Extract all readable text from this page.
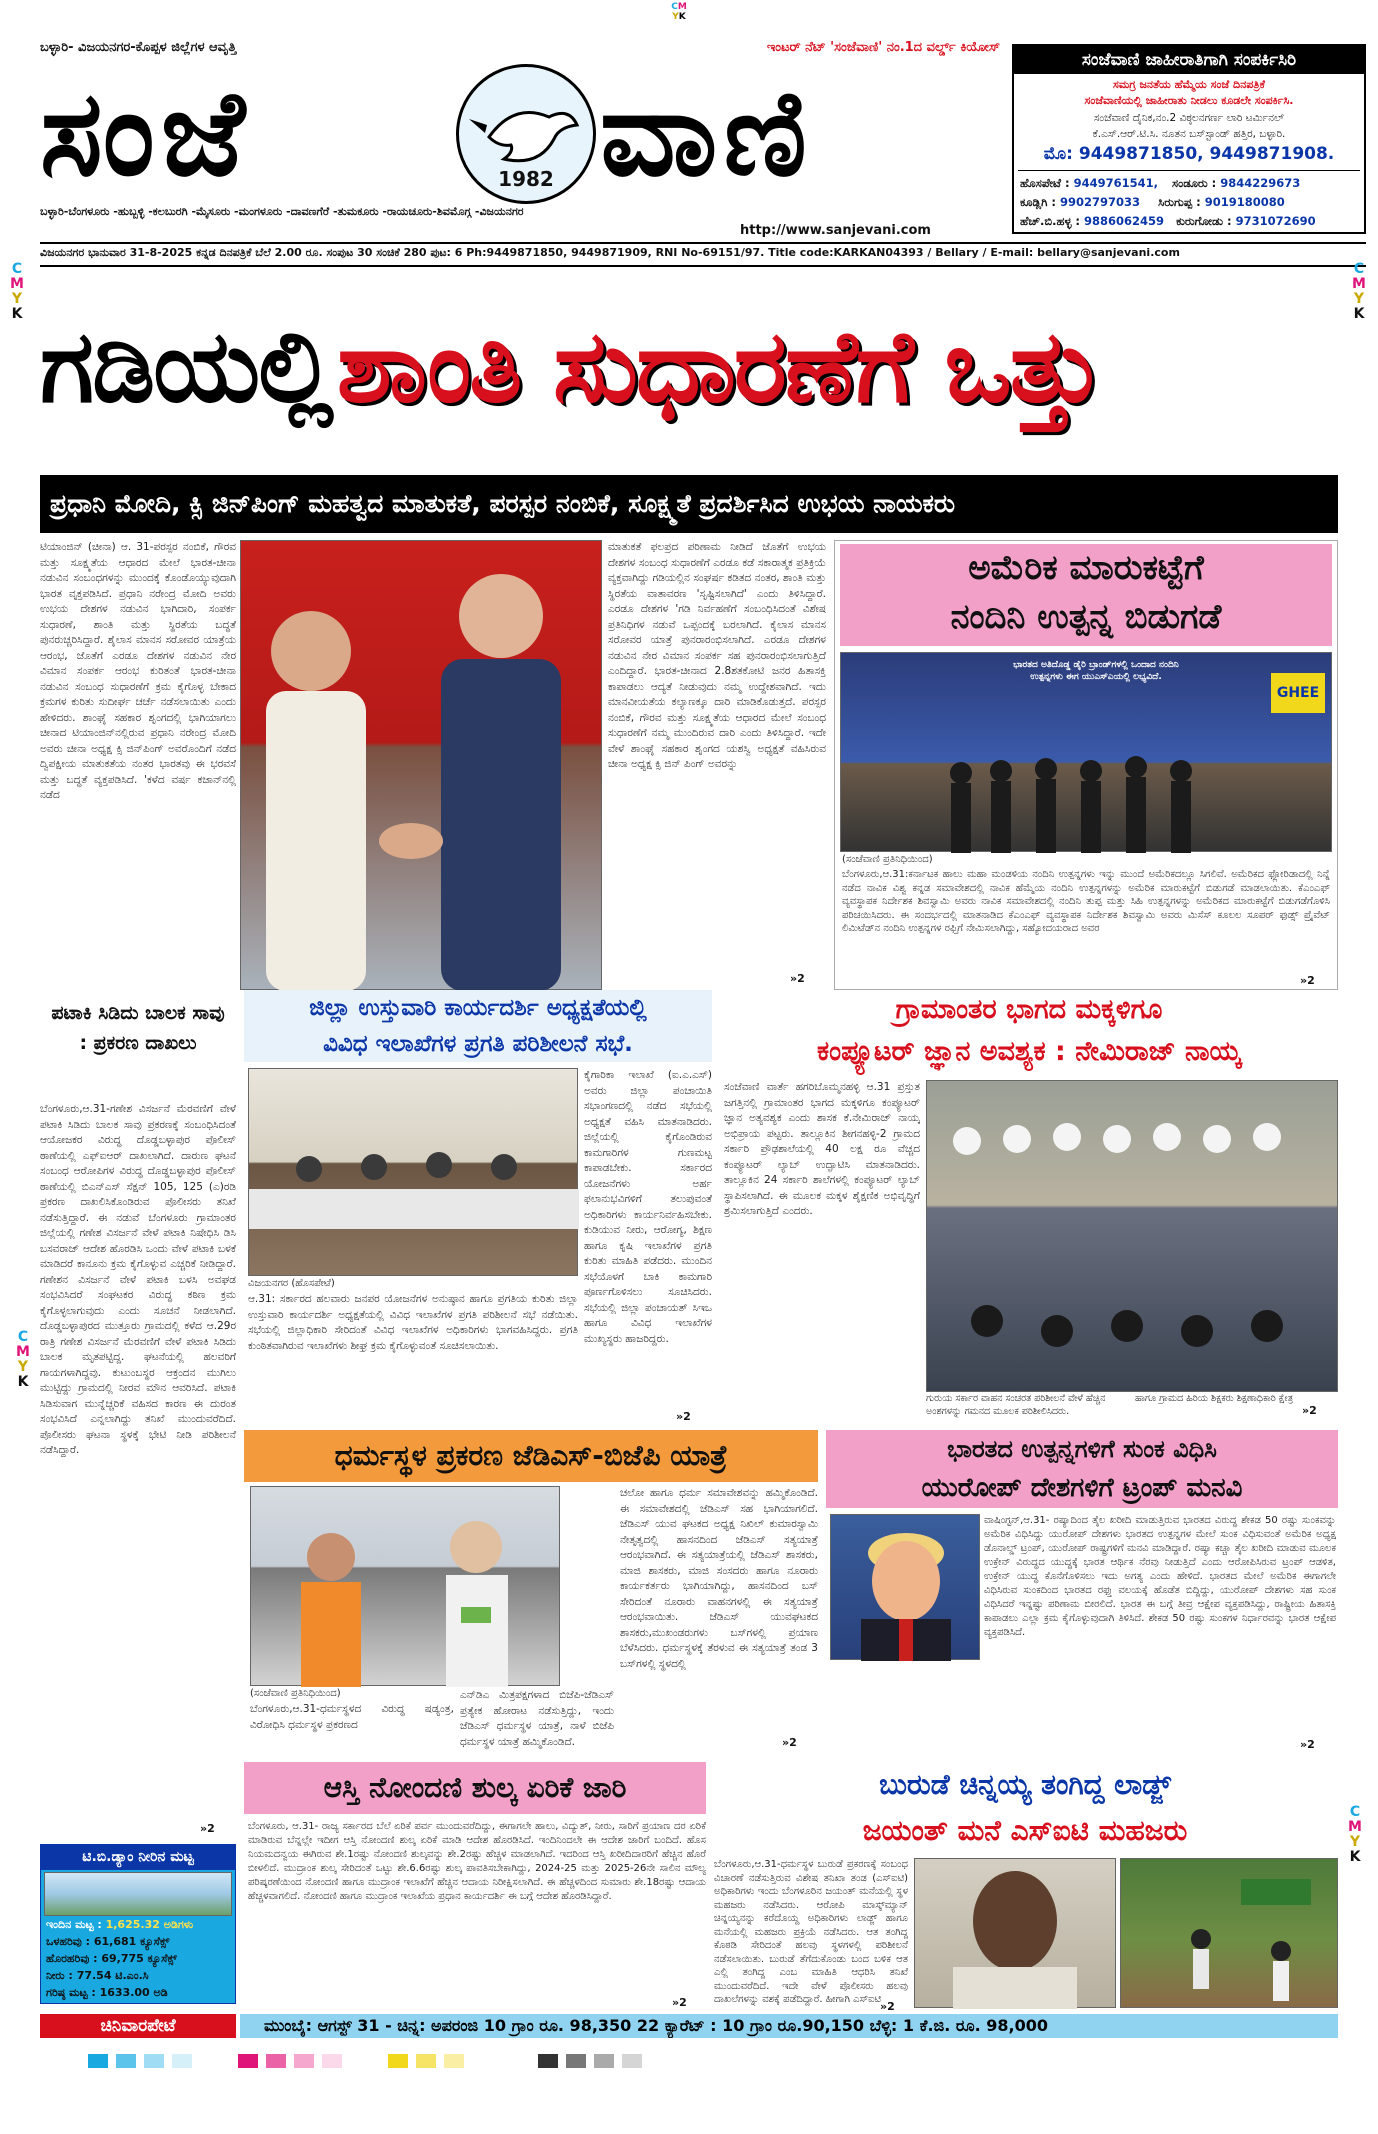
CM
YK
ಬಳ್ಳಾರಿ- ವಿಜಯನಗರ-ಕೊಪ್ಪಳ ಜಿಲ್ಲೆಗಳ ಆವೃತ್ತಿ	ಇಂಟರ್ ನೆಟ್ 'ಸಂಜೆವಾಣಿ' ನಂ.1ದ ವರ್ಲ್ಡ್ ಕಿಯೋಸ್
ಸಂಜೆ	1982 ವಾಣಿ
ಬಳ್ಳಾರಿ-ಬೆಂಗಳೂರು -ಹುಬ್ಬಳ್ಳಿ -ಕಲಬುರಗಿ -ಮೈಸೂರು -ಮಂಗಳೂರು -ದಾವಣಗೆರೆ -ತುಮಕೂರು -ರಾಯಚೂರು-ಶಿವಮೊಗ್ಗ -ವಿಜಯನಗರ
http://www.sanjevani.com
ಸಂಜೆವಾಣಿ ಜಾಹೀರಾತಿಗಾಗಿ ಸಂಪರ್ಕಿಸಿರಿ
ಸಮಗ್ರ ಜನತೆಯ ಹೆಮ್ಮೆಯ ಸಂಜೆ ದಿನಪತ್ರಿಕೆ
ಸಂಜೆವಾಣಿಯಲ್ಲಿ ಜಾಹೀರಾತು ನೀಡಲು ಕೂಡಲೇ ಸಂಪರ್ಕಿಸಿ.
ಸಂಜೆವಾಣಿ ದೈನಿಕ,ನಂ.2 ವಿಠ್ಠಲನಗರ್ಣ ಲಾರಿ ಟರ್ಮಿನಲ್
ಕೆ.ಎಸ್.ಆರ್.ಟಿ.ಸಿ. ನೂತನ ಬಸ್‌ಸ್ಟಾಂಡ್ ಹತ್ತಿರ, ಬಳ್ಳಾರಿ.
ಮೊ: 9449871850, 9449871908.
ಹೊಸಪೇಟೆ : 9449761541, ಸಂಡೂರು : 9844229673
ಕೂಡ್ಲಿಗಿ : 9902797033 ಸಿರುಗುಪ್ಪ : 9019180080
ಹೆಚ್.ಬಿ.ಹಳ್ಳ : 9886062459 ಕುರುಗೋಡು : 9731072690
ವಿಜಯನಗರ ಭಾನುವಾರ 31-8-2025 ಕನ್ನಡ ದಿನಪತ್ರಿಕೆ ಬೆಲೆ 2.00 ರೂ. ಸಂಪುಟ 30 ಸಂಚಿಕೆ 280 ಪುಟ: 6 Ph:9449871850, 9449871909, RNI No-69151/97. Title code:KARKAN04393 / Bellary / E-mail: bellary@sanjevani.com
C
M
Y
K
C
M
Y
K
C
M
Y
K
C
M
Y
K
ಗಡಿಯಲ್ಲಿ ಶಾಂತಿ ಸುಧಾರಣೆಗೆ ಒತ್ತು
ಪ್ರಧಾನಿ ಮೋದಿ, ಕ್ಸಿ ಜಿನ್‌ಪಿಂಗ್ ಮಹತ್ವದ ಮಾತುಕತೆ, ಪರಸ್ಪರ ನಂಬಿಕೆ, ಸೂಕ್ಷ್ಮತೆ ಪ್ರದರ್ಶಿಸಿದ ಉಭಯ ನಾಯಕರು
ಟಿಯಾಂಜಿನ್ (ಚೀನಾ) ಆ. 31-ಪರಸ್ಪರ ನಂಬಿಕೆ, ಗೌರವ ಮತ್ತು ಸೂಕ್ಷ್ಮತೆಯ ಆಧಾರದ ಮೇಲೆ ಭಾರತ-ಚೀನಾ ನಡುವಿನ ಸಂಬಂಧಗಳನ್ನು ಮುಂದಕ್ಕೆ ಕೊಂಡೊಯ್ಯುವುದಾಗಿ ಭಾರತ ವೃಕ್ತಪಡಿಸಿದೆ. ಪ್ರಧಾನಿ ನರೇಂದ್ರ ಮೋದಿ ಅವರು ಉಭಯ ದೇಶಗಳ ನಡುವಿನ ಭಾಗಿದಾರಿ, ಸಂಪರ್ಕ ಸುಧಾರಣೆ, ಶಾಂತಿ ಮತ್ತು ಸ್ಥಿರತೆಯ ಬದ್ಧತೆ ಪುನರುಚ್ಚರಿಸಿದ್ದಾರೆ. ಶೈಲಾಸ ಮಾನಸ ಸರೋವರ ಯಾತ್ರೆಯ ಆರಂಭ, ಜೊತೆಗೆ ಎರಡೂ ದೇಶಗಳ ನಡುವಿನ ನೇರ ವಿಮಾನ ಸಂಪರ್ಕ ಆರಂಭ ಕುರಿತಂತೆ ಭಾರತ-ಚೀನಾ ನಡುವಿನ ಸಂಬಂಧ ಸುಧಾರಣೆಗೆ ಕ್ರಮ ಕೈಗೊಳ್ಳ ಬೇಕಾದ ಕ್ರಮಗಳ ಕುರಿತು ಸುದೀರ್ಘ ಚರ್ಚೆ ನಡೆಸಲಾಯಿತು ಎಂದು ಹೇಳಿದರು. ಶಾಂಘೈ ಸಹಕಾರ ಶೃಂಗದಲ್ಲಿ ಭಾಗಿಯಾಗಲು ಚೀನಾದ ಟಿಯಾಂಜಿನ್‌ನಲ್ಲಿರುವ ಪ್ರಧಾನಿ ನರೇಂದ್ರ ಮೋದಿ ಅವರು ಚೀನಾ ಅಧ್ಯಕ್ಷ ಕ್ಸಿ ಜಿನ್‌ಪಿಂಗ್ ಅವರೊಂದಿಗೆ ನಡೆದ ದ್ವಿಪಕ್ಷೀಯ ಮಾತುಕತೆಯ ನಂತರ ಭಾರತವು ಈ ಭರವಸೆ ಮತ್ತು ಬದ್ಧತೆ ವ್ಯಕ್ತಪಡಿಸಿದೆ. 'ಕಳೆದ ವರ್ಷ ಕಜಾನ್‌ನಲ್ಲಿ ನಡೆದ
ಮಾತುಕತೆ ಫಲಪ್ರದ ಪರಿಣಾಮ ನೀಡಿದೆ ಜೊತೆಗೆ ಉಭಯ ದೇಶಗಳ ಸಂಬಂಧ ಸುಧಾರಣೆಗೆ ಎರಡೂ ಕಡೆ ಸಕಾರಾತ್ಮಕ ಪ್ರತಿಕ್ರಿಯೆ ವ್ಯಕ್ತವಾಗಿದ್ದು ಗಡಿಯಲ್ಲಿನ ಸಂಘರ್ಷ ಕಡಿತದ ನಂತರ, ಶಾಂತಿ ಮತ್ತು ಸ್ಥಿರತೆಯ ವಾತಾವರಣ 'ಸೃಷ್ಟಿಸಲಾಗಿದೆ' ಎಂದು ತಿಳಿಸಿದ್ದಾರೆ. ಎರಡೂ ದೇಶಗಳ 'ಗಡಿ ನಿರ್ವಹಣೆಗೆ ಸಂಬಂಧಿಸಿದಂತೆ ವಿಶೇಷ ಪ್ರತಿನಿಧಿಗಳ ನಡುವೆ ಒಪ್ಪಂದಕ್ಕೆ ಬರಲಾಗಿದೆ. ಕೈಲಾಸ ಮಾನಸ ಸರೋವರ ಯಾತ್ರೆ ಪುನರಾರಂಭಿಸಲಾಗಿದೆ. ಎರಡೂ ದೇಶಗಳ ನಡುವಿನ ನೇರ ವಿಮಾನ ಸಂಪರ್ಕ ಸಹ ಪುನರಾರಂಭಿಸಲಾಗುತ್ತಿದೆ ಎಂದಿದ್ದಾರೆ. ಭಾರತ-ಚೀನಾದ 2.8ಶತಕೋಟಿ ಜನರ ಹಿತಾಸಕ್ತಿ ಕಾಪಾಡಲು ಆದ್ಯತೆ ನೀಡುವುದು ನಮ್ಮ ಉದ್ದೇಶವಾಗಿದೆ. ಇದು ಮಾನವೀಯತೆಯ ಕಲ್ಯಾಣಕ್ಕೂ ದಾರಿ ಮಾಡಿಕೊಡುತ್ತದೆ. ಪರಸ್ಪರ ನಂಬಿಕೆ, ಗೌರವ ಮತ್ತು ಸೂಕ್ಷ್ಮತೆಯ ಆಧಾರದ ಮೇಲೆ ಸಂಬಂಧ ಸುಧಾರಣೆಗೆ ನಮ್ಮ ಮುಂದಿರುವ ದಾರಿ ಎಂದು ತಿಳಿಸಿದ್ದಾರೆ. ಇದೇ ವೇಳೆ ಶಾಂಘೈ ಸಹಕಾರ ಶೃಂಗದ ಯಶಸ್ವಿ ಅಧ್ಯಕ್ಷತೆ ವಹಿಸಿರುವ ಚೀನಾ ಅಧ್ಯಕ್ಷ ಕ್ಸಿ ಜಿನ್ ಪಿಂಗ್ ಅವರನ್ನು
»2
ಅಮೆರಿಕ ಮಾರುಕಟ್ಟೆಗೆ
ನಂದಿನಿ ಉತ್ಪನ್ನ ಬಿಡುಗಡೆ
ಭಾರತದ ಅತಿದೊಡ್ಡ ಡೈರಿ ಬ್ರಾಂಡ್‌ಗಳಲ್ಲಿ ಒಂದಾದ ನಂದಿನಿ ಉತ್ಪನ್ನಗಳು ಈಗ ಯುಎಸ್‌ಎಯಲ್ಲಿ ಲಭ್ಯವಿದೆ.
GHEE
(ಸಂಜೆವಾಣಿ ಪ್ರತಿನಿಧಿಯಿಂದ)
ಬೆಂಗಳೂರು,ಆ.31:ಕರ್ನಾಟಕ ಹಾಲು ಮಹಾ ಮಂಡಳಿಯ ನಂದಿನಿ ಉತ್ಪನ್ನಗಳು ಇನ್ನು ಮುಂದೆ ಅಮೆರಿಕದಲ್ಲೂ ಸಿಗಲಿವೆ. ಅಮೆರಿಕದ ಫ್ಲೋರಿಡಾದಲ್ಲಿ ನಿನ್ನೆ ನಡೆದ ನಾವಿಕ ವಿಶ್ವ ಕನ್ನಡ ಸಮಾವೇಶದಲ್ಲಿ ನಾವಿಕ ಹೆಮ್ಮೆಯ ನಂದಿನಿ ಉತ್ಪನ್ನಗಳನ್ನು ಅಮೆರಿಕ ಮಾರುಕಟ್ಟೆಗೆ ಬಿಡುಗಡೆ ಮಾಡಲಾಯಿತು. ಕೆಎಂಎಫ್ ವ್ಯವಸ್ಥಾಪಕ ನಿರ್ದೇಶಕ ಶಿವಸ್ವಾಮಿ ಅವರು ನಾವಿಕ ಸಮಾವೇಶದಲ್ಲಿ ನಂದಿನಿ ತುಪ್ಪ ಮತ್ತು ಸಿಹಿ ಉತ್ಪನ್ನಗಳನ್ನು ಅಮೆರಿಕದ ಮಾರುಕಟ್ಟೆಗೆ ಬಿಡುಗಡೆಗೊಳಿಸಿ ಪರಿಚಯಿಸಿದರು. ಈ ಸಂದರ್ಭದಲ್ಲಿ ಮಾತನಾಡಿದ ಕೆಎಂಎಫ್ ವ್ಯವಸ್ಥಾಪಕ ನಿರ್ದೇಶಕ ಶಿವಸ್ವಾಮಿ ಅವರು ಮಿಸೆಸ್ ಕೂಲಲ ಸೂಪರ್ ಫುಡ್ಸ್ ಪ್ರೈವೆಟ್ ಲಿಮಿಟೆಡ್‌ನ ನಂದಿನಿ ಉತ್ಪನ್ನಗಳ ರಫ್ತಿಗೆ ನೇಮಿಸಲಾಗಿದ್ದು, ಸಹ್ಯೋದಯರಾದ ಅವರ
»2
ಪಟಾಕಿ ಸಿಡಿದು ಬಾಲಕ ಸಾವು : ಪ್ರಕರಣ ದಾಖಲು
ಬೆಂಗಳೂರು,ಆ.31-ಗಣೇಶ ವಿಸರ್ಜನೆ ಮೆರವಣಿಗೆ ವೇಳೆ ಪಟಾಕಿ ಸಿಡಿದು ಬಾಲಕ ಸಾವು ಪ್ರಕರಣಕ್ಕೆ ಸಂಬಂಧಿಸಿದಂತೆ ಆಯೋಜಕರ ವಿರುದ್ಧ ದೊಡ್ಡಬಳ್ಳಾಪುರ ಪೊಲೀಸ್ ಠಾಣೆಯಲ್ಲಿ ಎಫ್ಐಆರ್ ದಾಖಲಾಗಿದೆ. ದಾರುಣ ಘಟನೆ ಸಂಬಂಧ ಆರೋಪಿಗಳ ವಿರುದ್ಧ ದೊಡ್ಡಬಳ್ಳಾಪುರ ಪೊಲೀಸ್ ಠಾಣೆಯಲ್ಲಿ ಬಿಎನ್ಎಸ್ ಸೆಕ್ಷನ್ 105, 125 (ಎ)ರಡಿ ಪ್ರಕರಣ ದಾಖಲಿಸಿಕೊಂಡಿರುವ ಪೊಲೀಸರು ತನಿಖೆ ನಡೆಸುತ್ತಿದ್ದಾರೆ. ಈ ನಡುವೆ ಬೆಂಗಳೂರು ಗ್ರಾಮಾಂತರ ಜಿಲ್ಲೆಯಲ್ಲಿ ಗಣೇಶ ವಿಸರ್ಜನೆ ವೇಳೆ ಪಟಾಕಿ ನಿಷೇಧಿಸಿ ಡಿಸಿ ಬಸವರಾಜ್ ಆದೇಶ ಹೊರಡಿಸಿ ಒಂದು ವೇಳೆ ಪಟಾಕಿ ಬಳಕೆ ಮಾಡಿದರೆ ಕಾನೂನು ಕ್ರಮ ಕೈಗೊಳ್ಳುವ ಎಚ್ಚರಿಕೆ ನೀಡಿದ್ದಾರೆ. ಗಣೇಶನ ವಿಸರ್ಜನೆ ವೇಳೆ ಪಟಾಕಿ ಬಳಸಿ ಅವಘಡ ಸಂಭವಿಸಿದರೆ ಸಂಘಟಕರ ವಿರುದ್ಧ ಕಠಿಣ ಕ್ರಮ ಕೈಗೊಳ್ಳಲಾಗುವುದು ಎಂದು ಸೂಚನೆ ನೀಡಲಾಗಿದೆ. ದೊಡ್ಡಬಳ್ಳಾಪುರದ ಮುತ್ತೂರು ಗ್ರಾಮದಲ್ಲಿ ಕಳೆದ ಆ.29ರ ರಾತ್ರಿ ಗಣೇಶ ವಿಸರ್ಜನೆ ಮೆರವಣಿಗೆ ವೇಳೆ ಪಟಾಕಿ ಸಿಡಿದು ಬಾಲಕ ಮೃತಪಟ್ಟಿದ್ದ. ಘಟನೆಯಲ್ಲಿ ಹಲವರಿಗೆ ಗಾಯಗಳಾಗಿದ್ದವು. ಕುಟುಂಬಸ್ಥರ ಆಕ್ರಂದನ ಮುಗಿಲು ಮುಟ್ಟಿದ್ದು ಗ್ರಾಮದಲ್ಲಿ ನೀರವ ಮೌನ ಆವರಿಸಿದೆ. ಪಟಾಕಿ ಸಿಡಿಸುವಾಗ ಮುನ್ನೆಚ್ಚರಿಕೆ ವಹಿಸದ ಕಾರಣ ಈ ದುರಂತ ಸಂಭವಿಸಿದೆ ಎನ್ನಲಾಗಿದ್ದು ತನಿಖೆ ಮುಂದುವರೆದಿದೆ. ಪೊಲೀಸರು ಘಟನಾ ಸ್ಥಳಕ್ಕೆ ಭೇಟಿ ನೀಡಿ ಪರಿಶೀಲನೆ ನಡೆಸಿದ್ದಾರೆ.
»2
ಜಿಲ್ಲಾ ಉಸ್ತುವಾರಿ ಕಾರ್ಯದರ್ಶಿ ಅಧ್ಯಕ್ಷತೆಯಲ್ಲಿ
ವಿವಿಧ ಇಲಾಖೆಗಳ ಪ್ರಗತಿ ಪರಿಶೀಲನೆ ಸಭೆ.
ವಿಜಯನಗರ (ಹೊಸಪೇಟೆ)
ಆ.31: ಸರ್ಕಾರದ ಹಲವಾರು ಜನಪರ ಯೋಜನೆಗಳ ಅನುಷ್ಠಾನ ಹಾಗೂ ಪ್ರಗತಿಯ ಕುರಿತು ಜಿಲ್ಲಾ ಉಸ್ತುವಾರಿ ಕಾರ್ಯದರ್ಶಿ ಅಧ್ಯಕ್ಷತೆಯಲ್ಲಿ ವಿವಿಧ ಇಲಾಖೆಗಳ ಪ್ರಗತಿ ಪರಿಶೀಲನೆ ಸಭೆ ನಡೆಯಿತು. ಸಭೆಯಲ್ಲಿ ಜಿಲ್ಲಾಧಿಕಾರಿ ಸೇರಿದಂತೆ ವಿವಿಧ ಇಲಾಖೆಗಳ ಅಧಿಕಾರಿಗಳು ಭಾಗವಹಿಸಿದ್ದರು. ಪ್ರಗತಿ ಕುಂಠಿತವಾಗಿರುವ ಇಲಾಖೆಗಳು ಶೀಘ್ರ ಕ್ರಮ ಕೈಗೊಳ್ಳುವಂತೆ ಸೂಚಿಸಲಾಯಿತು.
ಕೈಗಾರಿಕಾ ಇಲಾಖೆ (ಐ.ಎ.ಎಸ್) ಅವರು ಜಿಲ್ಲಾ ಪಂಚಾಯಿತಿ ಸಭಾಂಗಣದಲ್ಲಿ ನಡೆದ ಸಭೆಯಲ್ಲಿ ಅಧ್ಯಕ್ಷತೆ ವಹಿಸಿ ಮಾತನಾಡಿದರು. ಜಿಲ್ಲೆಯಲ್ಲಿ ಕೈಗೊಂಡಿರುವ ಕಾಮಗಾರಿಗಳ ಗುಣಮಟ್ಟ ಕಾಪಾಡಬೇಕು. ಸರ್ಕಾರದ ಯೋಜನೆಗಳು ಅರ್ಹ ಫಲಾನುಭವಿಗಳಿಗೆ ತಲುಪುವಂತೆ ಅಧಿಕಾರಿಗಳು ಕಾರ್ಯನಿರ್ವಹಿಸಬೇಕು. ಕುಡಿಯುವ ನೀರು, ಆರೋಗ್ಯ, ಶಿಕ್ಷಣ ಹಾಗೂ ಕೃಷಿ ಇಲಾಖೆಗಳ ಪ್ರಗತಿ ಕುರಿತು ಮಾಹಿತಿ ಪಡೆದರು. ಮುಂದಿನ ಸಭೆಯೊಳಗೆ ಬಾಕಿ ಕಾಮಗಾರಿ ಪೂರ್ಣಗೊಳಿಸಲು ಸೂಚಿಸಿದರು. ಸಭೆಯಲ್ಲಿ ಜಿಲ್ಲಾ ಪಂಚಾಯತ್ ಸಿಇಒ ಹಾಗೂ ವಿವಿಧ ಇಲಾಖೆಗಳ ಮುಖ್ಯಸ್ಥರು ಹಾಜರಿದ್ದರು.
»2
ಗ್ರಾಮಾಂತರ ಭಾಗದ ಮಕ್ಕಳಿಗೂ
ಕಂಪ್ಯೂಟರ್ ಜ್ಞಾನ ಅವಶ್ಯಕ : ನೇಮಿರಾಜ್ ನಾಯ್ಕ
ಸಂಜೆವಾಣಿ ವಾರ್ತೆ ಹಗರಿಬೊಮ್ಮನಹಳ್ಳಿ ಆ.31 ಪ್ರಸ್ತುತ ಜಗತ್ತಿನಲ್ಲಿ ಗ್ರಾಮಾಂತರ ಭಾಗದ ಮಕ್ಕಳಿಗೂ ಕಂಪ್ಯೂಟರ್ ಜ್ಞಾನ ಅತ್ಯವಶ್ಯಕ ಎಂದು ಶಾಸಕ ಕೆ.ನೇಮಿರಾಜ್ ನಾಯ್ಕ ಅಭಿಪ್ರಾಯ ಪಟ್ಟರು. ತಾಲ್ಲೂಕಿನ ಶೀಗನಹಳ್ಳಿ-2 ಗ್ರಾಮದ ಸರ್ಕಾರಿ ಪ್ರೌಢಶಾಲೆಯಲ್ಲಿ 40 ಲಕ್ಷ ರೂ ವೆಚ್ಚದ ಕಂಪ್ಯೂಟರ್ ಲ್ಯಾಬ್ ಉದ್ಘಾಟಿಸಿ ಮಾತನಾಡಿದರು. ತಾಲ್ಲೂಕಿನ 24 ಸರ್ಕಾರಿ ಶಾಲೆಗಳಲ್ಲಿ ಕಂಪ್ಯೂಟರ್ ಲ್ಯಾಬ್ ಸ್ಥಾಪಿಸಲಾಗಿದೆ. ಈ ಮೂಲಕ ಮಕ್ಕಳ ಶೈಕ್ಷಣಿಕ ಅಭಿವೃದ್ಧಿಗೆ ಶ್ರಮಿಸಲಾಗುತ್ತಿದೆ ಎಂದರು.
ಗುರುಯ ಸರ್ಕಾರ ವಾಹನ ಸಂಚರತ ಪರಿಶೀಲನೆ ವೇಳೆ ಹೆಚ್ಚಿನ ಅಂಶಗಳನ್ನು ಗಮನದ ಮೂಲಕ ಪರಿಶೀಲಿಸಿದರು.
ಹಾಗೂ ಗ್ರಾಮದ ಹಿರಿಯ ಶಿಕ್ಷಕರು ಶಿಕ್ಷಣಾಧಿಕಾರಿ ಕ್ಷೇತ್ರ
»2
ಧರ್ಮಸ್ಥಳ ಪ್ರಕರಣ ಜೆಡಿಎಸ್-ಬಿಜೆಪಿ ಯಾತ್ರೆ
(ಸಂಜೆವಾಣಿ ಪ್ರತಿನಿಧಿಯಿಂದ)
ಬೆಂಗಳೂರು,ಆ.31-ಧರ್ಮಸ್ಥಳದ ವಿರುದ್ಧ ಷಡ್ಯಂತ್ರ, ವಿರೋಧಿಸಿ ಧರ್ಮಸ್ಥಳ ಪ್ರಕರಣದ
ಎನ್‌ಡಿಎ ಮಿತ್ರಪಕ್ಷಗಳಾದ ಬಿಜೆಪಿ-ಜೆಡಿಎಸ್ ಪ್ರತ್ಯೇಕ ಹೋರಾಟ ನಡೆಸುತ್ತಿದ್ದು, ಇಂದು ಜೆಡಿಎಸ್ ಧರ್ಮಸ್ಥಳ ಯಾತ್ರೆ, ನಾಳೆ ಬಿಜೆಪಿ ಧರ್ಮಸ್ಥಳ ಯಾತ್ರೆ ಹಮ್ಮಿಕೊಂಡಿದೆ.
ಚಲೋ ಹಾಗೂ ಧರ್ಮ ಸಮಾವೇಶವನ್ನು ಹಮ್ಮಿಕೊಂಡಿದೆ. ಈ ಸಮಾವೇಶದಲ್ಲಿ ಜೆಡಿಎಸ್ ಸಹ ಭಾಗಿಯಾಗಲಿದೆ. ಜೆಡಿಎಸ್ ಯುವ ಘಟಕದ ಅಧ್ಯಕ್ಷ ನಿಖಿಲ್ ಕುಮಾರಸ್ವಾಮಿ ನೇತೃತ್ವದಲ್ಲಿ ಹಾಸನದಿಂದ ಜೆಡಿಎಸ್ ಸತ್ಯಯಾತ್ರೆ ಆರಂಭವಾಗಿದೆ. ಈ ಸತ್ಯಯಾತ್ರೆಯಲ್ಲಿ ಜೆಡಿಎಸ್ ಶಾಸಕರು, ಮಾಜಿ ಶಾಸಕರು, ಮಾಜಿ ಸಂಸದರು ಹಾಗೂ ನೂರಾರು ಕಾರ್ಯಕರ್ತರು ಭಾಗಿಯಾಗಿದ್ದು, ಹಾಸನದಿಂದ ಬಸ್ ಸೇರಿದಂತೆ ನೂರಾರು ವಾಹನಗಳಲ್ಲಿ ಈ ಸತ್ಯಯಾತ್ರೆ ಆರಂಭವಾಯಿತು. ಜೆಡಿಎಸ್ ಯುವಘಟಕದ ಶಾಸಕರು,ಮುಖಂಡರುಗಳು ಬಸ್‌ಗಳಲ್ಲಿ ಪ್ರಯಾಣ ಬೆಳೆಸಿದರು. ಧರ್ಮಸ್ಥಳಕ್ಕೆ ತೆರಳುವ ಈ ಸತ್ಯಯಾತ್ರೆ ತಂಡ 3 ಬಸ್‌ಗಳಲ್ಲಿ ಸ್ಥಳದಲ್ಲಿ
»2
ಭಾರತದ ಉತ್ಪನ್ನಗಳಿಗೆ ಸುಂಕ ವಿಧಿಸಿ
ಯುರೋಪ್ ದೇಶಗಳಿಗೆ ಟ್ರಂಪ್ ಮನವಿ
ವಾಷಿಂಗ್ಟನ್,ಆ.31- ರಷ್ಯಾದಿಂದ ತೈಲ ಖರೀದಿ ಮಾಡುತ್ತಿರುವ ಭಾರತದ ವಿರುದ್ಧ ಶೇಕಡ 50 ರಷ್ಟು ಸುಂಕವನ್ನು ಅಮೆರಿಕ ವಿಧಿಸಿದ್ದು ಯುರೋಪ್ ದೇಶಗಳು ಭಾರತದ ಉತ್ಪನ್ನಗಳ ಮೇಲೆ ಸುಂಕ ವಿಧಿಸುವಂತೆ ಅಮೆರಿಕ ಅಧ್ಯಕ್ಷ ಡೊನಾಲ್ಡ್ ಟ್ರಂಪ್, ಯುರೋಪ್ ರಾಷ್ಟ್ರಗಳಿಗೆ ಮನವಿ ಮಾಡಿದ್ದಾರೆ. ರಷ್ಯಾ ಕಚ್ಚಾ ತೈಲ ಖರೀದಿ ಮಾಡುವ ಮೂಲಕ ಉಕ್ರೇನ್ ವಿರುದ್ಧದ ಯುದ್ಧಕ್ಕೆ ಭಾರತ ಆರ್ಥಿಕ ನೆರವು ನೀಡುತ್ತಿದೆ ಎಂದು ಆರೋಪಿಸಿರುವ ಟ್ರಂಪ್ ಆಡಳಿತ, ಉಕ್ರೇನ್ ಯುದ್ಧ ಕೊನೆಗೊಳಿಸಲು ಇದು ಅಗತ್ಯ ಎಂದು ಹೇಳಿದೆ. ಭಾರತದ ಮೇಲೆ ಅಮೆರಿಕ ಈಗಾಗಲೇ ವಿಧಿಸಿರುವ ಸುಂಕದಿಂದ ಭಾರತದ ರಫ್ತು ವಲಯಕ್ಕೆ ಹೊಡೆತ ಬಿದ್ದಿದ್ದು, ಯುರೋಪ್ ದೇಶಗಳು ಸಹ ಸುಂಕ ವಿಧಿಸಿದರೆ ಇನ್ನಷ್ಟು ಪರಿಣಾಮ ಬೀರಲಿದೆ. ಭಾರತ ಈ ಬಗ್ಗೆ ತೀವ್ರ ಆಕ್ಷೇಪ ವ್ಯಕ್ತಪಡಿಸಿದ್ದು, ರಾಷ್ಟ್ರೀಯ ಹಿತಾಸಕ್ತಿ ಕಾಪಾಡಲು ಎಲ್ಲಾ ಕ್ರಮ ಕೈಗೊಳ್ಳುವುದಾಗಿ ತಿಳಿಸಿದೆ. ಶೇಕಡ 50 ರಷ್ಟು ಸುಂಕಗಳ ನಿರ್ಧಾರವನ್ನು ಭಾರತ ಆಕ್ಷೇಪ ವ್ಯಕ್ತಪಡಿಸಿದೆ.
»2
ಟಿ.ಬಿ.ಡ್ಯಾಂ ನೀರಿನ ಮಟ್ಟ
ಇಂದಿನ ಮಟ್ಟ : 1,625.32 ಅಡಿಗಳು
ಒಳಹರಿವು : 61,681 ಕ್ಯೂಸೆಕ್ಸ್
ಹೊರಹರಿವು : 69,775 ಕ್ಯೂಸೆಕ್ಸ್
ನೀರು : 77.54 ಟಿ.ಎಂ.ಸಿ
ಗರಿಷ್ಠ ಮಟ್ಟ : 1633.00 ಅಡಿ
ಆಸ್ತಿ ನೋಂದಣಿ ಶುಲ್ಕ ಏರಿಕೆ ಜಾರಿ
ಬೆಂಗಳೂರು, ಆ.31- ರಾಜ್ಯ ಸರ್ಕಾರದ ಬೆಲೆ ಏರಿಕೆ ಪರ್ವ ಮುಂದುವರೆದಿದ್ದು, ಈಗಾಗಲೇ ಹಾಲು, ವಿದ್ಯುತ್, ನೀರು, ಸಾರಿಗೆ ಪ್ರಯಾಣ ದರ ಏರಿಕೆ ಮಾಡಿರುವ ಬೆನ್ನಲ್ಲೇ ಇದೀಗ ಆಸ್ತಿ ನೋಂದಣಿ ಶುಲ್ಕ ಏರಿಕೆ ಮಾಡಿ ಆದೇಶ ಹೊರಡಿಸಿದೆ. ಇಂದಿನಿಂದಲೇ ಈ ಆದೇಶ ಜಾರಿಗೆ ಬಂದಿದೆ. ಹೊಸ ನಿಯಮದನ್ವಯ ಈಗಿರುವ ಶೇ.1ರಷ್ಟು ನೋಂದಣಿ ಶುಲ್ಕವನ್ನು ಶೇ.2ರಷ್ಟು ಹೆಚ್ಚಳ ಮಾಡಲಾಗಿದೆ. ಇದರಿಂದ ಆಸ್ತಿ ಖರೀದಿದಾರರಿಗೆ ಹೆಚ್ಚಿನ ಹೊರೆ ಬೀಳಲಿದೆ. ಮುದ್ರಾಂಕ ಶುಲ್ಕ ಸೇರಿದಂತೆ ಒಟ್ಟು ಶೇ.6.6ರಷ್ಟು ಶುಲ್ಕ ಪಾವತಿಸಬೇಕಾಗಿದ್ದು, 2024-25 ಮತ್ತು 2025-26ನೇ ಸಾಲಿನ ಮೌಲ್ಯ ಪರಿಷ್ಕರಣೆಯಿಂದ ನೋಂದಣಿ ಹಾಗೂ ಮುದ್ರಾಂಕ ಇಲಾಖೆಗೆ ಹೆಚ್ಚಿನ ಆದಾಯ ನಿರೀಕ್ಷಿಸಲಾಗಿದೆ. ಈ ಹೆಚ್ಚಳದಿಂದ ಸುಮಾರು ಶೇ.18ರಷ್ಟು ಆದಾಯ ಹೆಚ್ಚಳವಾಗಲಿದೆ. ನೋಂದಣಿ ಹಾಗೂ ಮುದ್ರಾಂಕ ಇಲಾಖೆಯ ಪ್ರಧಾನ ಕಾರ್ಯದರ್ಶಿ ಈ ಬಗ್ಗೆ ಆದೇಶ ಹೊರಡಿಸಿದ್ದಾರೆ.
»2
ಬುರುಡೆ ಚಿನ್ನಯ್ಯ ತಂಗಿದ್ದ ಲಾಡ್ಜ್
ಜಯಂತ್ ಮನೆ ಎಸ್‌ಐಟಿ ಮಹಜರು
ಬೆಂಗಳೂರು,ಆ.31-ಧರ್ಮಸ್ಥಳ ಬುರುಡೆ ಪ್ರಕರಣಕ್ಕೆ ಸಂಬಂಧ ವಿಚಾರಣೆ ನಡೆಸುತ್ತಿರುವ ವಿಶೇಷ ತನಿಖಾ ತಂಡ (ಎಸ್‌ಐಟಿ) ಅಧಿಕಾರಿಗಳು ಇಂದು ಬೆಂಗಳೂರಿನ ಜಯಂತ್ ಮನೆಯಲ್ಲಿ ಸ್ಥಳ ಮಹಜರು ನಡೆಸಿದರು. ಆರೋಪಿ ಮಾಸ್ಕ್‌ಮ್ಯಾನ್ ಚಿನ್ನಯ್ಯನನ್ನು ಕರೆದೊಯ್ದ ಅಧಿಕಾರಿಗಳು ಲಾಡ್ಜ್ ಹಾಗೂ ಮನೆಯಲ್ಲಿ ಮಹಜರು ಪ್ರಕ್ರಿಯೆ ನಡೆಸಿದರು. ಆತ ತಂಗಿದ್ದ ಕೊಠಡಿ ಸೇರಿದಂತೆ ಹಲವು ಸ್ಥಳಗಳಲ್ಲಿ ಪರಿಶೀಲನೆ ನಡೆಸಲಾಯಿತು. ಬುರುಡೆ ತೆಗೆದುಕೊಂಡು ಬಂದ ಬಳಿಕ ಆತ ಎಲ್ಲಿ ತಂಗಿದ್ದ ಎಂಬ ಮಾಹಿತಿ ಆಧರಿಸಿ ತನಿಖೆ ಮುಂದುವರೆದಿದೆ. ಇದೇ ವೇಳೆ ಪೊಲೀಸರು ಹಲವು ದಾಖಲೆಗಳನ್ನು ವಶಕ್ಕೆ ಪಡೆದಿದ್ದಾರೆ. ಹೀಗಾಗಿ ಎಸ್‌ಐಟಿ
»2
ಚಿನಿವಾರಪೇಟೆ	ಮುಂಬೈ: ಆಗಸ್ಟ್ 31 - ಚಿನ್ನ: ಅಪರಂಜಿ 10 ಗ್ರಾಂ ರೂ. 98,350 22 ಕ್ಯಾರೆಟ್ : 10 ಗ್ರಾಂ ರೂ.90,150 ಬೆಳ್ಳಿ: 1 ಕೆ.ಜಿ. ರೂ. 98,000
